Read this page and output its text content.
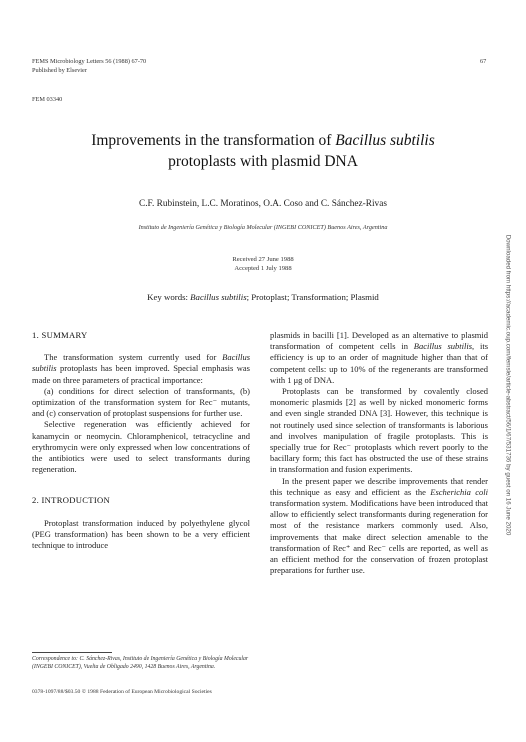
FEMS Microbiology Letters 56 (1988) 67-70
Published by Elsevier
67
FEM 03340
Improvements in the transformation of Bacillus subtilis
protoplasts with plasmid DNA
C.F. Rubinstein, L.C. Moratinos, O.A. Coso and C. Sánchez-Rivas
Instituto de Ingeniería Genética y Biología Molecular (INGEBI CONICET) Buenos Aires, Argentina
Received 27 June 1988
Accepted 1 July 1988
Key words: Bacillus subtilis; Protoplast; Transformation; Plasmid
1. SUMMARY

The transformation system currently used for Bacillus subtilis protoplasts has been improved. Special emphasis was made on three parameters of practical importance:

(a) conditions for direct selection of transformants, (b) optimization of the transformation system for Rec⁻ mutants, and (c) conservation of protoplast suspensions for further use.

Selective regeneration was efficiently achieved for kanamycin or neomycin. Chloramphenicol, tetracycline and erythromycin were only expressed when low concentrations of the antibiotics were used to select transformants during regeneration.

2. INTRODUCTION

Protoplast transformation induced by polyethylene glycol (PEG transformation) has been shown to be a very efficient technique to introduce

Correspondence to: C. Sánchez-Rivas, Instituto de Ingeniería Genética y Biología Molecular (INGEBI CONICET), Vuelta de Obligado 2490, 1428 Buenos Aires, Argentina.
0378-1097/88/$03.50 © 1988 Federation of European Microbiological Societies

plasmids in bacilli [1]. Developed as an alternative to plasmid transformation of competent cells in Bacillus subtilis, its efficiency is up to an order of magnitude higher than that of competent cells: up to 10% of the regenerants are transformed with 1 μg of DNA.

Protoplasts can be transformed by covalently closed monomeric plasmids [2] as well by nicked monomeric forms and even single stranded DNA [3]. However, this technique is not routinely used since selection of transformants is laborious and involves manipulation of fragile protoplasts. This is specially true for Rec⁻ protoplasts which revert poorly to the bacillary form; this fact has obstructed the use of these strains in transformation and fusion experiments.

In the present paper we describe improvements that render this technique as easy and efficient as the Escherichia coli transformation system. Modifications have been introduced that allow to efficiently select transformants during regeneration for most of the resistance markers commonly used. Also, improvements that make direct selection amenable to the transformation of Rec⁺ and Rec⁻ cells are reported, as well as an efficient method for the conservation of frozen protoplast preparations for further use.

Downloaded from https://academic.oup.com/femsle/article-abstract/56/1/67/531736 by guest on 16 June 2020
